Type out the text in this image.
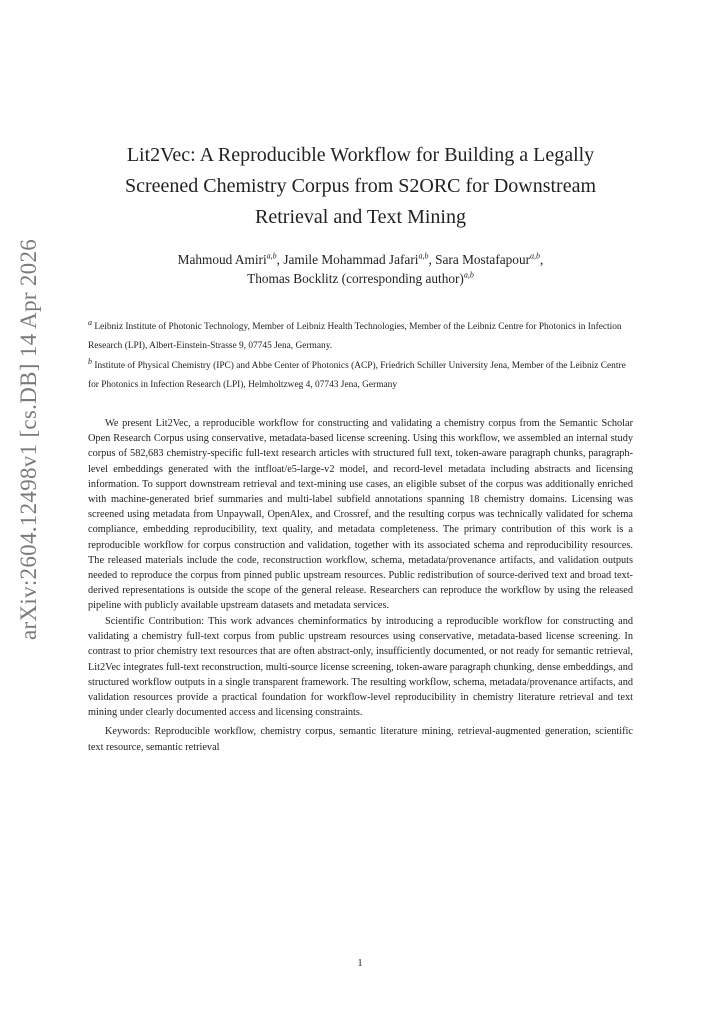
arXiv:2604.12498v1 [cs.DB] 14 Apr 2026
Lit2Vec: A Reproducible Workflow for Building a Legally Screened Chemistry Corpus from S2ORC for Downstream Retrieval and Text Mining
Mahmoud Amiri$^{a,b}$, Jamile Mohammad Jafari$^{a,b}$, Sara Mostafapour$^{a,b}$,
Thomas Bocklitz (corresponding author)$^{a,b}$
$^a$ Leibniz Institute of Photonic Technology, Member of Leibniz Health Technologies, Member of the Leibniz Centre for Photonics in Infection Research (LPI), Albert-Einstein-Strasse 9, 07745 Jena, Germany.
$^b$ Institute of Physical Chemistry (IPC) and Abbe Center of Photonics (ACP), Friedrich Schiller University Jena, Member of the Leibniz Centre for Photonics in Infection Research (LPI), Helmholtzweg 4, 07743 Jena, Germany

We present Lit2Vec, a reproducible workflow for constructing and validating a chemistry corpus from the Semantic Scholar Open Research Corpus using conservative, metadata-based license screening. Using this workflow, we assembled an internal study corpus of 582,683 chemistry-specific full-text research articles with structured full text, token-aware paragraph chunks, paragraph-level embeddings generated with the intfloat/e5-large-v2 model, and record-level metadata including abstracts and licensing information. To support downstream retrieval and text-mining use cases, an eligible subset of the corpus was additionally enriched with machine-generated brief summaries and multi-label subfield annotations spanning 18 chemistry domains. Licensing was screened using metadata from Unpaywall, OpenAlex, and Crossref, and the resulting corpus was technically validated for schema compliance, embedding reproducibility, text quality, and metadata completeness. The primary contribution of this work is a reproducible workflow for corpus construction and validation, together with its associated schema and reproducibility resources. The released materials include the code, reconstruction workflow, schema, metadata/provenance artifacts, and validation outputs needed to reproduce the corpus from pinned public upstream resources. Public redistribution of source-derived text and broad text-derived representations is outside the scope of the general release. Researchers can reproduce the workflow by using the released pipeline with publicly available upstream datasets and metadata services.

Scientific Contribution: This work advances cheminformatics by introducing a reproducible workflow for constructing and validating a chemistry full-text corpus from public upstream resources using conservative, metadata-based license screening. In contrast to prior chemistry text resources that are often abstract-only, insufficiently documented, or not ready for semantic retrieval, Lit2Vec integrates full-text reconstruction, multi-source license screening, token-aware paragraph chunking, dense embeddings, and structured workflow outputs in a single transparent framework. The resulting workflow, schema, metadata/provenance artifacts, and validation resources provide a practical foundation for workflow-level reproducibility in chemistry literature retrieval and text mining under clearly documented access and licensing constraints.

Keywords: Reproducible workflow, chemistry corpus, semantic literature mining, retrieval-augmented generation, scientific text resource, semantic retrieval

1
